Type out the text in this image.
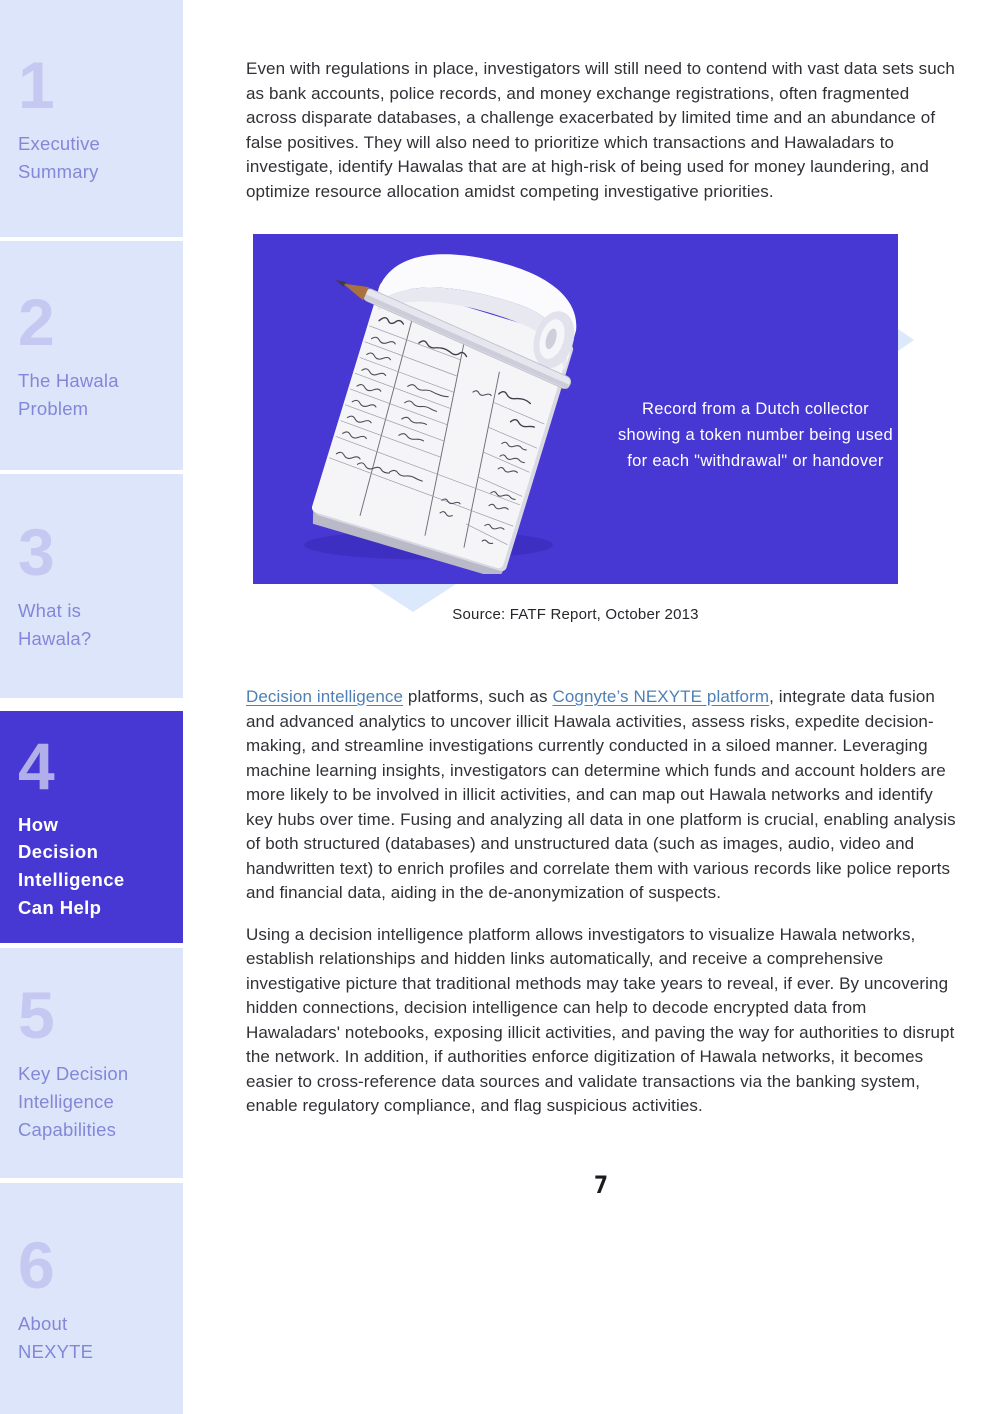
1
Executive Summary
2
The Hawala Problem
3
What is Hawala?
4
How Decision Intelligence Can Help
5
Key Decision Intelligence Capabilities
6
About NEXYTE

Even with regulations in place, investigators will still need to contend with vast data sets such as bank accounts, police records, and money exchange registrations, often fragmented across disparate databases, a challenge exacerbated by limited time and an abundance of false positives. They will also need to prioritize which transactions and Hawaladars to investigate, identify Hawalas that are at high-risk of being used for money laundering, and optimize resource allocation amidst competing investigative priorities.

Record from a Dutch collector showing a token number being used for each "withdrawal" or handover
Source: FATF Report, October 2013

Decision intelligence platforms, such as Cognyte’s NEXYTE platform, integrate data fusion and advanced analytics to uncover illicit Hawala activities, assess risks, expedite decision-making, and streamline investigations currently conducted in a siloed manner. Leveraging machine learning insights, investigators can determine which funds and account holders are more likely to be involved in illicit activities, and can map out Hawala networks and identify key hubs over time. Fusing and analyzing all data in one platform is crucial, enabling analysis of both structured (databases) and unstructured data (such as images, audio, video and handwritten text) to enrich profiles and correlate them with various records like police reports and financial data, aiding in the de-anonymization of suspects.

Using a decision intelligence platform allows investigators to visualize Hawala networks, establish relationships and hidden links automatically, and receive a comprehensive investigative picture that traditional methods may take years to reveal, if ever. By uncovering hidden connections, decision intelligence can help to decode encrypted data from Hawaladars' notebooks, exposing illicit activities, and paving the way for authorities to disrupt the network. In addition, if authorities enforce digitization of Hawala networks, it becomes easier to cross-reference data sources and validate transactions via the banking system, enable regulatory compliance, and flag suspicious activities.

7
